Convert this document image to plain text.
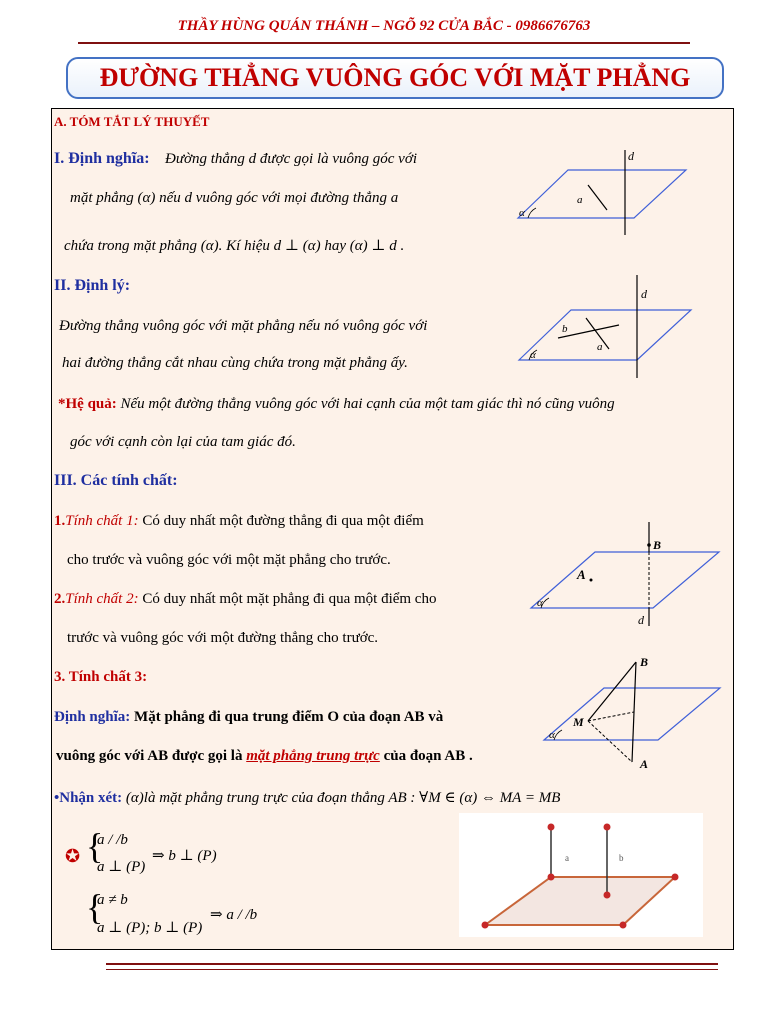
THẦY HÙNG QUÁN THÁNH – NGÕ 92 CỬA BẮC - 0986676763
ĐƯỜNG THẲNG VUÔNG GÓC VỚI MẶT PHẲNG
A. TÓM TẮT LÝ THUYẾT
I. Định nghĩa: Đường thẳng d được gọi là vuông góc với
mặt phẳng (α) nếu d vuông góc với mọi đường thẳng a
chứa trong mặt phẳng (α). Kí hiệu d ⊥ (α) hay (α) ⊥ d .
d
a
α
II. Định lý:
Đường thẳng vuông góc với mặt phẳng nếu nó vuông góc với
hai đường thẳng cắt nhau cùng chứa trong mặt phẳng ấy.
d
b
a
α
*Hệ quả: Nếu một đường thẳng vuông góc với hai cạnh của một tam giác thì nó cũng vuông
góc với cạnh còn lại của tam giác đó.
III. Các tính chất:
1.Tính chất 1: Có duy nhất một đường thẳng đi qua một điểm
cho trước và vuông góc với một mặt phẳng cho trước.
2.Tính chất 2: Có duy nhất một mặt phẳng đi qua một điểm cho
trước và vuông góc với một đường thẳng cho trước.
B
A
d
α
3. Tính chất 3:
Định nghĩa: Mặt phẳng đi qua trung điểm O của đoạn AB và
vuông góc với AB được gọi là mặt phẳng trung trực của đoạn AB .
B
A
M
α
•Nhận xét: (α)là mặt phẳng trung trực của đoạn thẳng AB : ∀M ∈ (α) ⇔ MA = MB
✪ {
a / /b
a ⊥ (P)
⇒ b ⊥ (P)
{
a ≠ b
a ⊥ (P); b ⊥ (P)
⇒ a / /b
a	b
